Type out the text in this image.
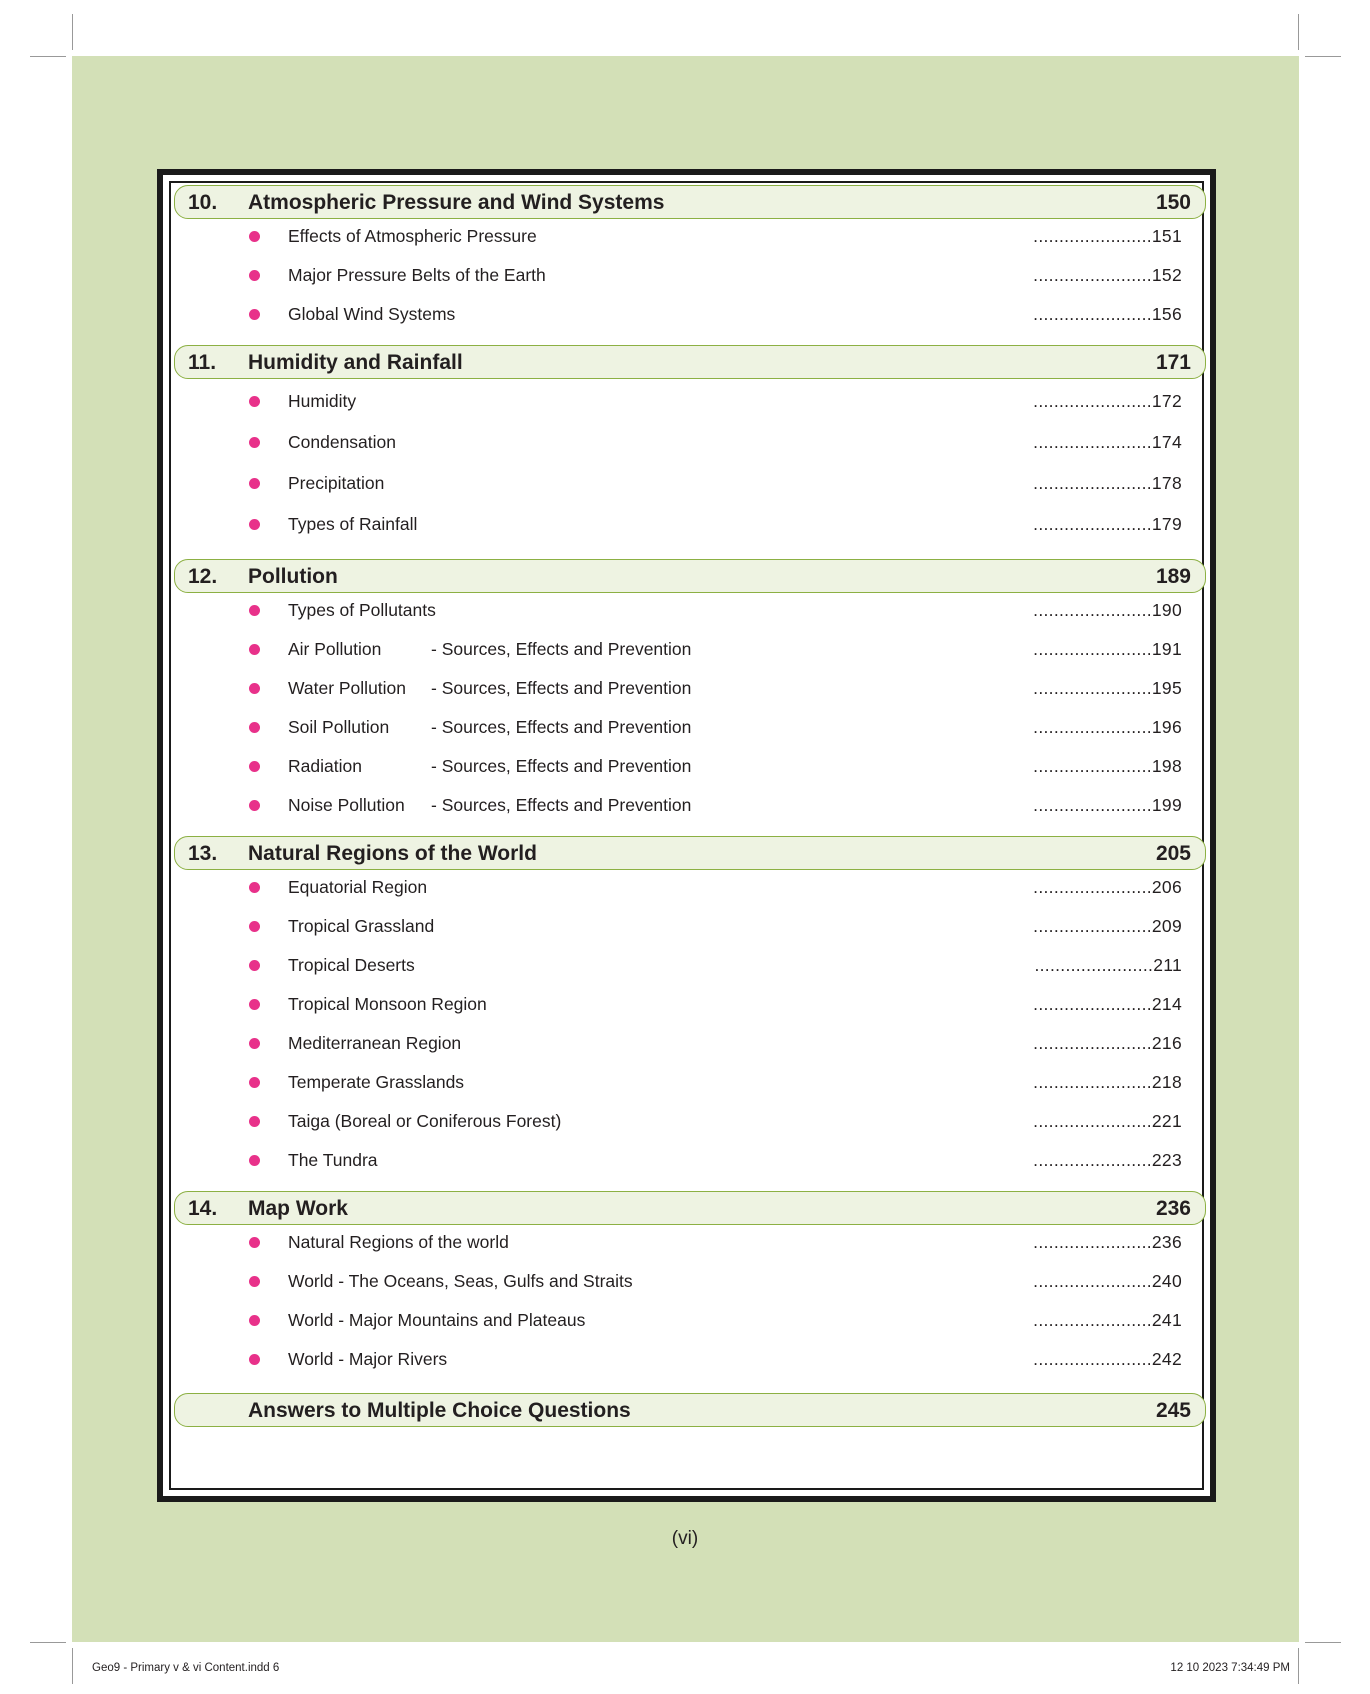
10. Atmospheric Pressure and Wind Systems	150
Effects of Atmospheric Pressure	.......................151
Major Pressure Belts of the Earth	.......................152
Global Wind Systems	.......................156
11. Humidity and Rainfall	171
Humidity	.......................172
Condensation	.......................174
Precipitation	.......................178
Types of Rainfall	.......................179
12. Pollution	189
Types of Pollutants	.......................190
Air Pollution	- Sources, Effects and Prevention	.......................191
Water Pollution - Sources, Effects and Prevention	.......................195
Soil Pollution - Sources, Effects and Prevention	.......................196
Radiation	- Sources, Effects and Prevention	.......................198
Noise Pollution - Sources, Effects and Prevention	.......................199
13. Natural Regions of the World	205
Equatorial Region	.......................206
Tropical Grassland	.......................209
Tropical Deserts	.......................211
Tropical Monsoon Region	.......................214
Mediterranean Region	.......................216
Temperate Grasslands	.......................218
Taiga (Boreal or Coniferous Forest)	.......................221
The Tundra	.......................223
14. Map Work	236
Natural Regions of the world	.......................236
World - The Oceans, Seas, Gulfs and Straits	.......................240
World - Major Mountains and Plateaus	.......................241
World - Major Rivers	.......................242
Answers to Multiple Choice Questions	245
(vi)
Geo9 - Primary v & vi Content.indd 6	12 10 2023 7:34:49 PM
